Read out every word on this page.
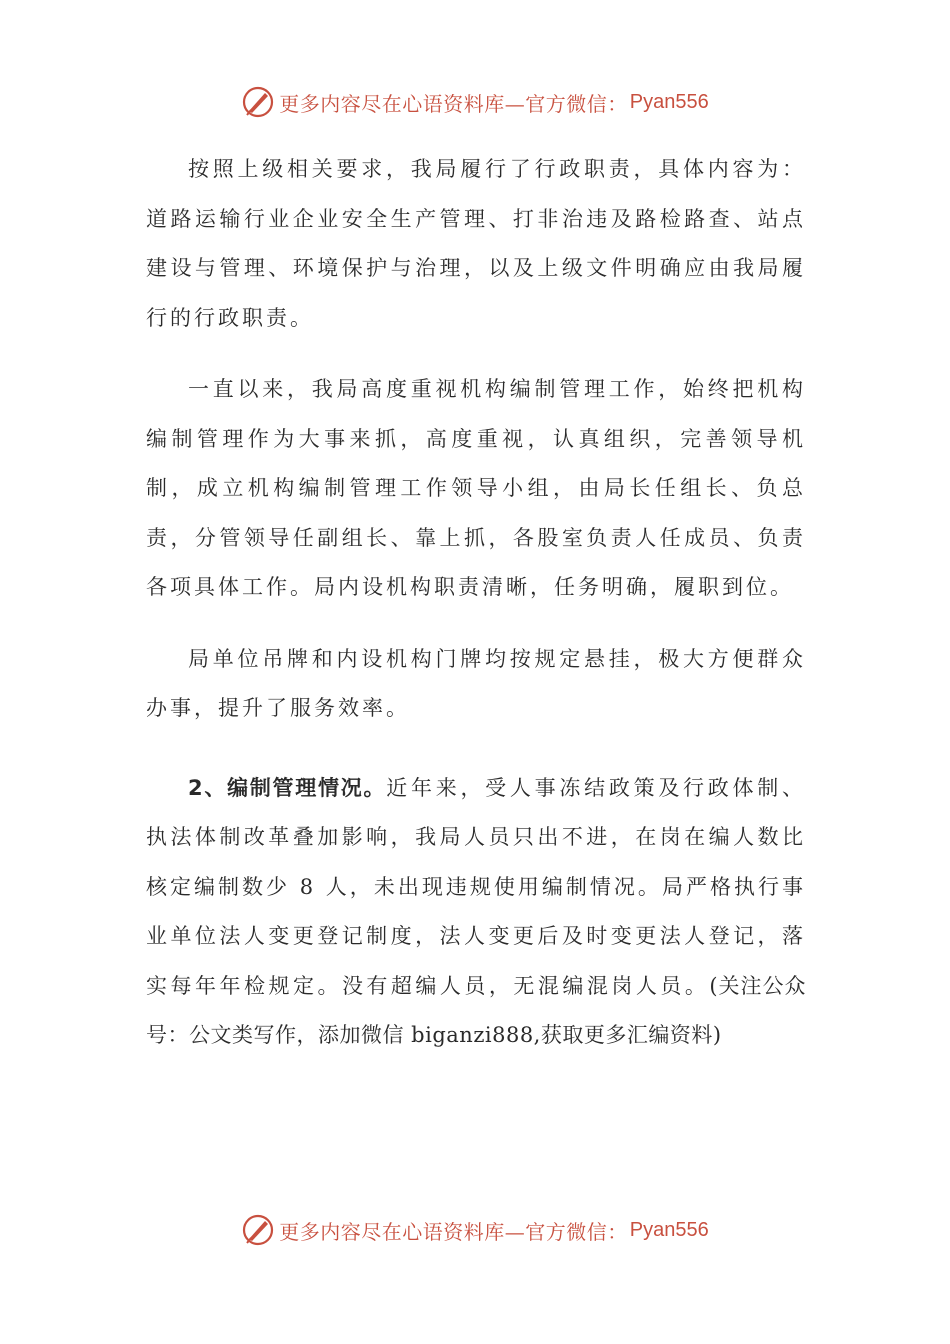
更多内容尽在心语资料库—官方微信： Pyan556

按照上级相关要求，我局履行了行政职责，具体内容为：道路运输行业企业安全生产管理、打非治违及路检路查、站点建设与管理、环境保护与治理，以及上级文件明确应由我局履行的行政职责。

一直以来，我局高度重视机构编制管理工作，始终把机构编制管理作为大事来抓，高度重视，认真组织，完善领导机制，成立机构编制管理工作领导小组，由局长任组长、负总责，分管领导任副组长、靠上抓，各股室负责人任成员、负责各项具体工作。局内设机构职责清晰，任务明确，履职到位。

局单位吊牌和内设机构门牌均按规定悬挂，极大方便群众办事，提升了服务效率。

2、编制管理情况。近年来，受人事冻结政策及行政体制、执法体制改革叠加影响，我局人员只出不进，在岗在编人数比核定编制数少 8 人，未出现违规使用编制情况。局严格执行事业单位法人变更登记制度，法人变更后及时变更法人登记，落实每年年检规定。没有超编人员，无混编混岗人员。(关注公众号：公文类写作，添加微信 biganzi888,获取更多汇编资料)

更多内容尽在心语资料库—官方微信： Pyan556
